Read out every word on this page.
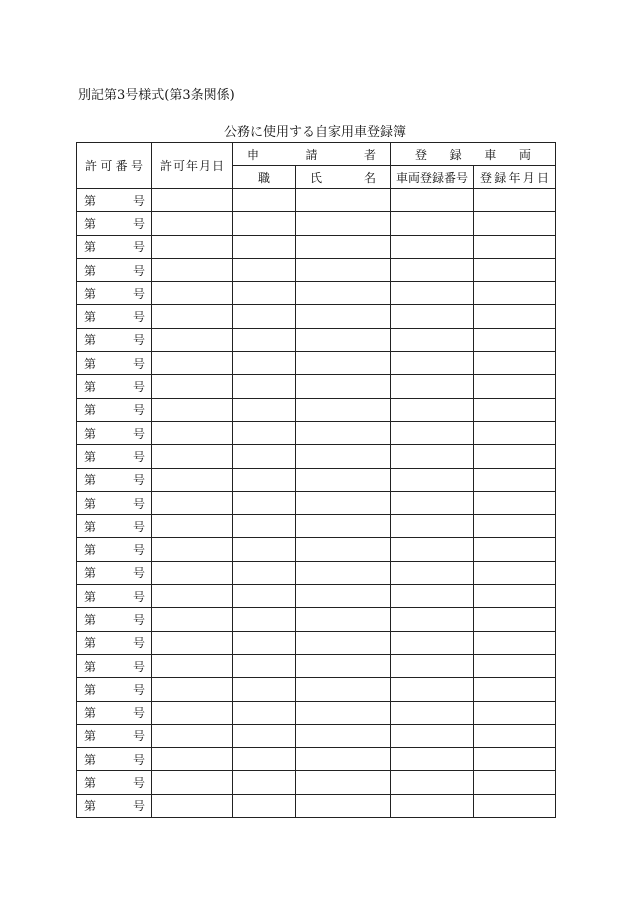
別記第3号様式(第3条関係)
公務に使用する自家用車登録簿
許 可 番 号	許 可 年 月 日	申 請 者		登 録 車 両	

		職	氏 名	車両登録番号	登 録 年 月 日

第 号					

第 号					

第 号					

第 号					

第 号					

第 号					

第 号					

第 号					

第 号					

第 号					

第 号					

第 号					

第 号					

第 号					

第 号					

第 号					

第 号					

第 号					

第 号					

第 号					

第 号					

第 号					

第 号					

第 号					

第 号					

第 号					

第 号					
